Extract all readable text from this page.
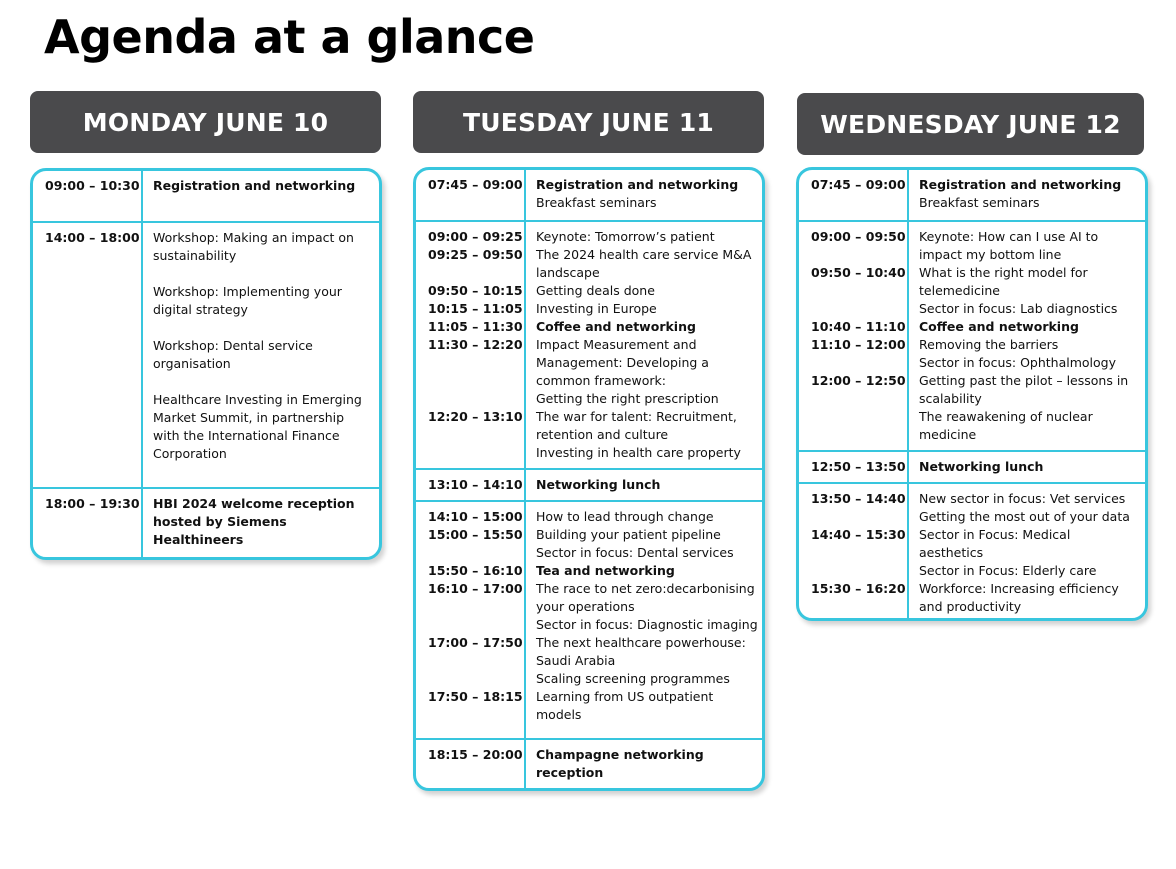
Agenda at a glance
MONDAY JUNE 10
09:00 – 10:30 Registration and networking
14:00 – 18:00 Workshop: Making an impact on sustainability
Workshop: Implementing your digital strategy
Workshop: Dental service organisation
Healthcare Investing in Emerging Market Summit, in partnership with the International Finance Corporation
18:00 – 19:30 HBI 2024 welcome reception hosted by Siemens Healthineers
TUESDAY JUNE 11
07:45 – 09:00 Registration and networking
Breakfast seminars
09:00 – 09:25
09:25 – 09:50
09:50 – 10:15
10:15 – 11:05
11:05 – 11:30
11:30 – 12:20
12:20 – 13:10
Keynote: Tomorrow’s patient
The 2024 health care service M&A
landscape
Getting deals done
Investing in Europe
Coffee and networking
Impact Measurement and
Management: Developing a
common framework:
Getting the right prescription
The war for talent: Recruitment,
retention and culture
Investing in health care property
13:10 – 14:10 Networking lunch
14:10 – 15:00
15:00 – 15:50
15:50 – 16:10
16:10 – 17:00
17:00 – 17:50
17:50 – 18:15
How to lead through change
Building your patient pipeline
Sector in focus: Dental services
Tea and networking
The race to net zero:decarbonising
your operations
Sector in focus: Diagnostic imaging
The next healthcare powerhouse:
Saudi Arabia
Scaling screening programmes
Learning from US outpatient
models
18:15 – 20:00 Champagne networking reception
WEDNESDAY JUNE 12
07:45 – 09:00 Registration and networking
Breakfast seminars
09:00 – 09:50
09:50 – 10:40
10:40 – 11:10
11:10 – 12:00
12:00 – 12:50
Keynote: How can I use AI to
impact my bottom line
What is the right model for
telemedicine
Sector in focus: Lab diagnostics
Coffee and networking
Removing the barriers
Sector in focus: Ophthalmology
Getting past the pilot – lessons in
scalability
The reawakening of nuclear
medicine
12:50 – 13:50 Networking lunch
13:50 – 14:40
14:40 – 15:30
15:30 – 16:20
New sector in focus: Vet services
Getting the most out of your data
Sector in Focus: Medical
aesthetics
Sector in Focus: Elderly care
Workforce: Increasing efficiency
and productivity
